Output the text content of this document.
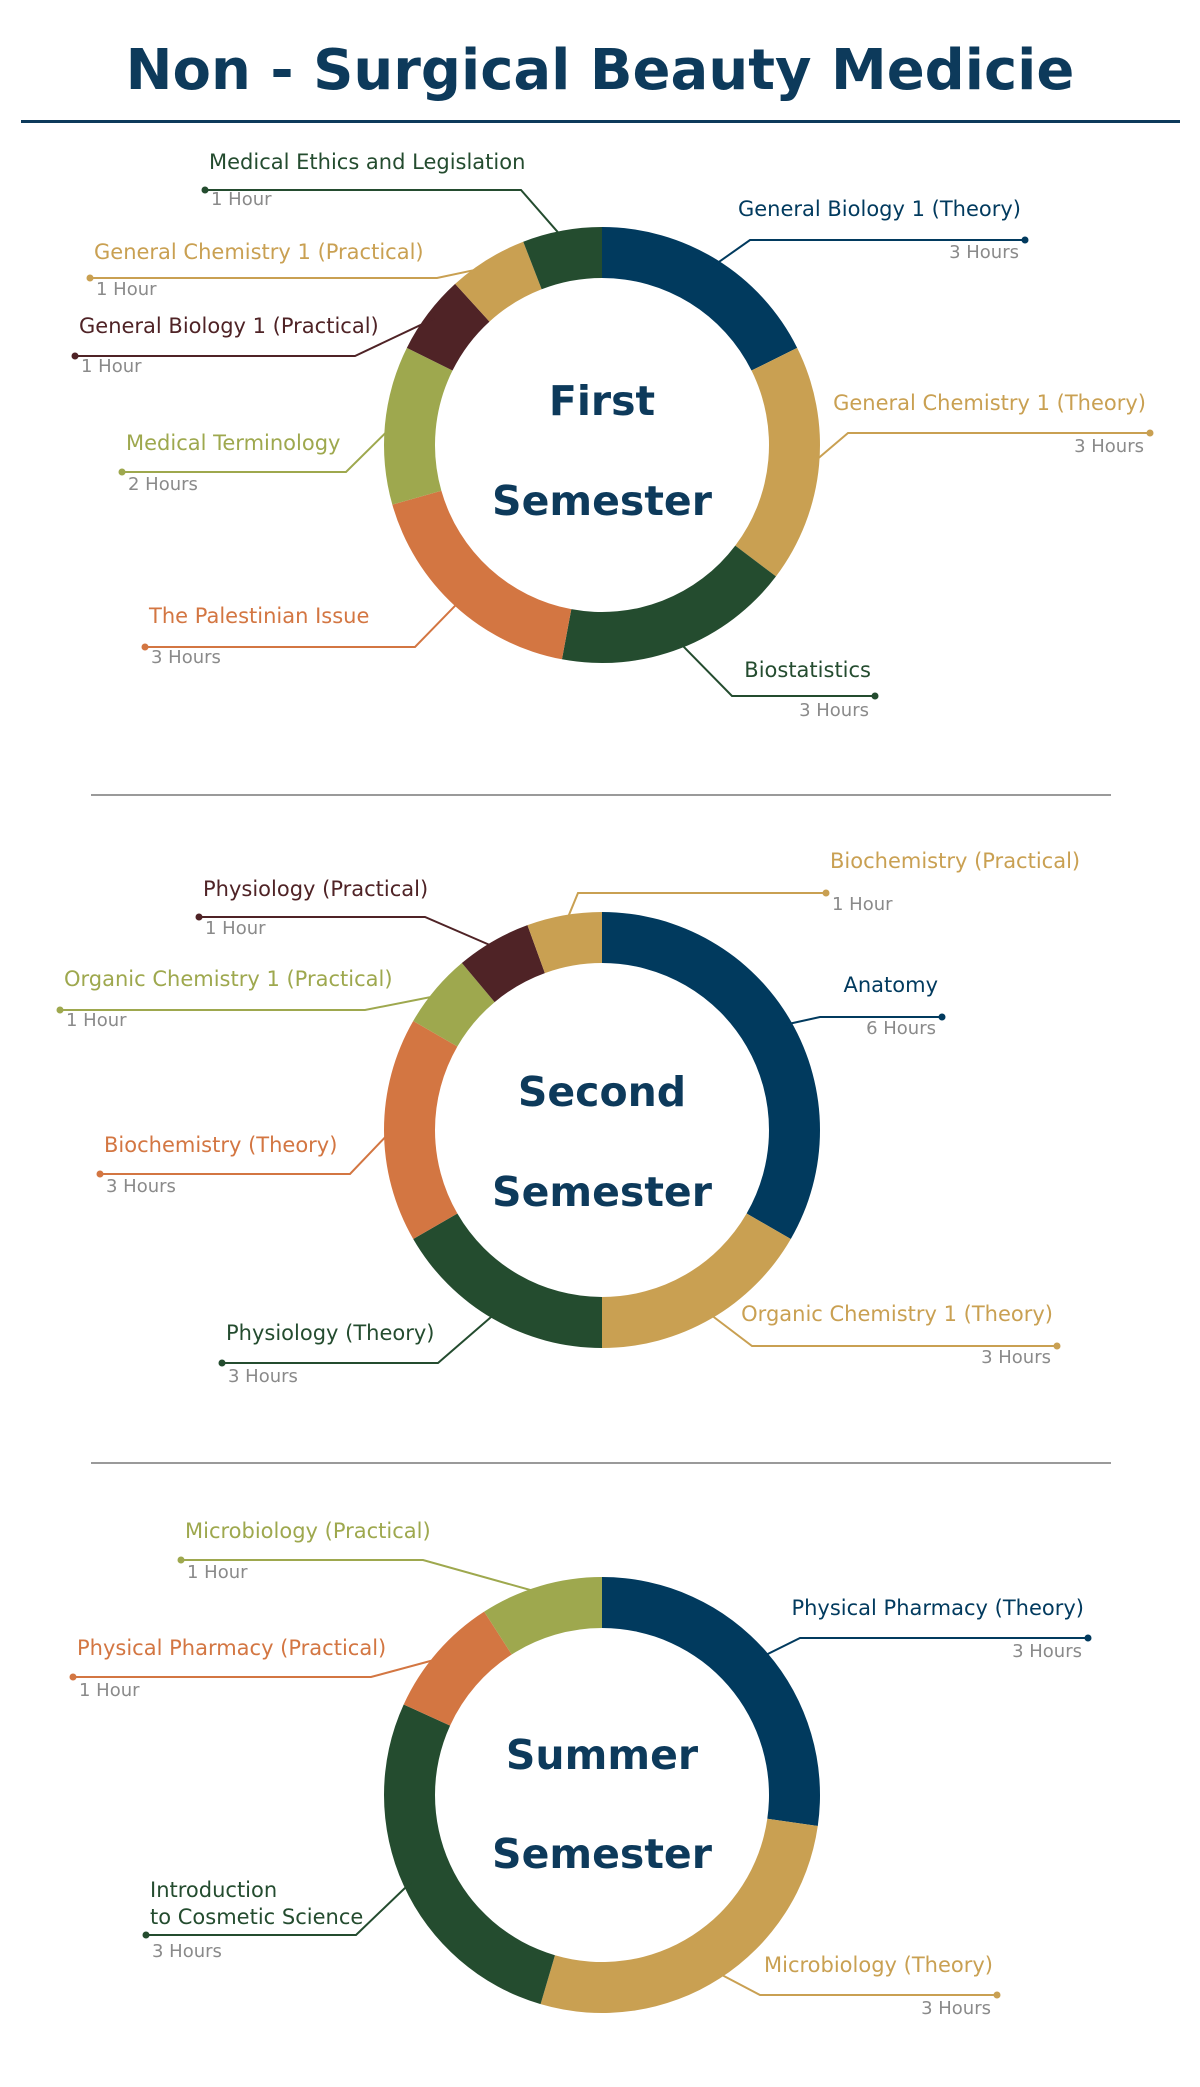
Non - Surgical Beauty Medicie
General Biology 1 (Theory)
3 Hours
General Chemistry 1 (Theory)
3 Hours
Biostatistics
3 Hours
The Palestinian Issue
3 Hours
Medical Terminology
2 Hours
General Biology 1 (Practical)
1 Hour
General Chemistry 1 (Practical)
1 Hour
Medical Ethics and Legislation
1 Hour
First
Semester
Anatomy
6 Hours
Organic Chemistry 1 (Theory)
3 Hours
Physiology (Theory)
3 Hours
Biochemistry (Theory)
3 Hours
Organic Chemistry 1 (Practical)
1 Hour
Physiology (Practical)
1 Hour
Biochemistry (Practical)
1 Hour
Second
Semester
Physical Pharmacy (Theory)
3 Hours
Microbiology (Theory)
3 Hours
Introduction
to Cosmetic Science
3 Hours
Physical Pharmacy (Practical)
1 Hour
Microbiology (Practical)
1 Hour
Summer
Semester
